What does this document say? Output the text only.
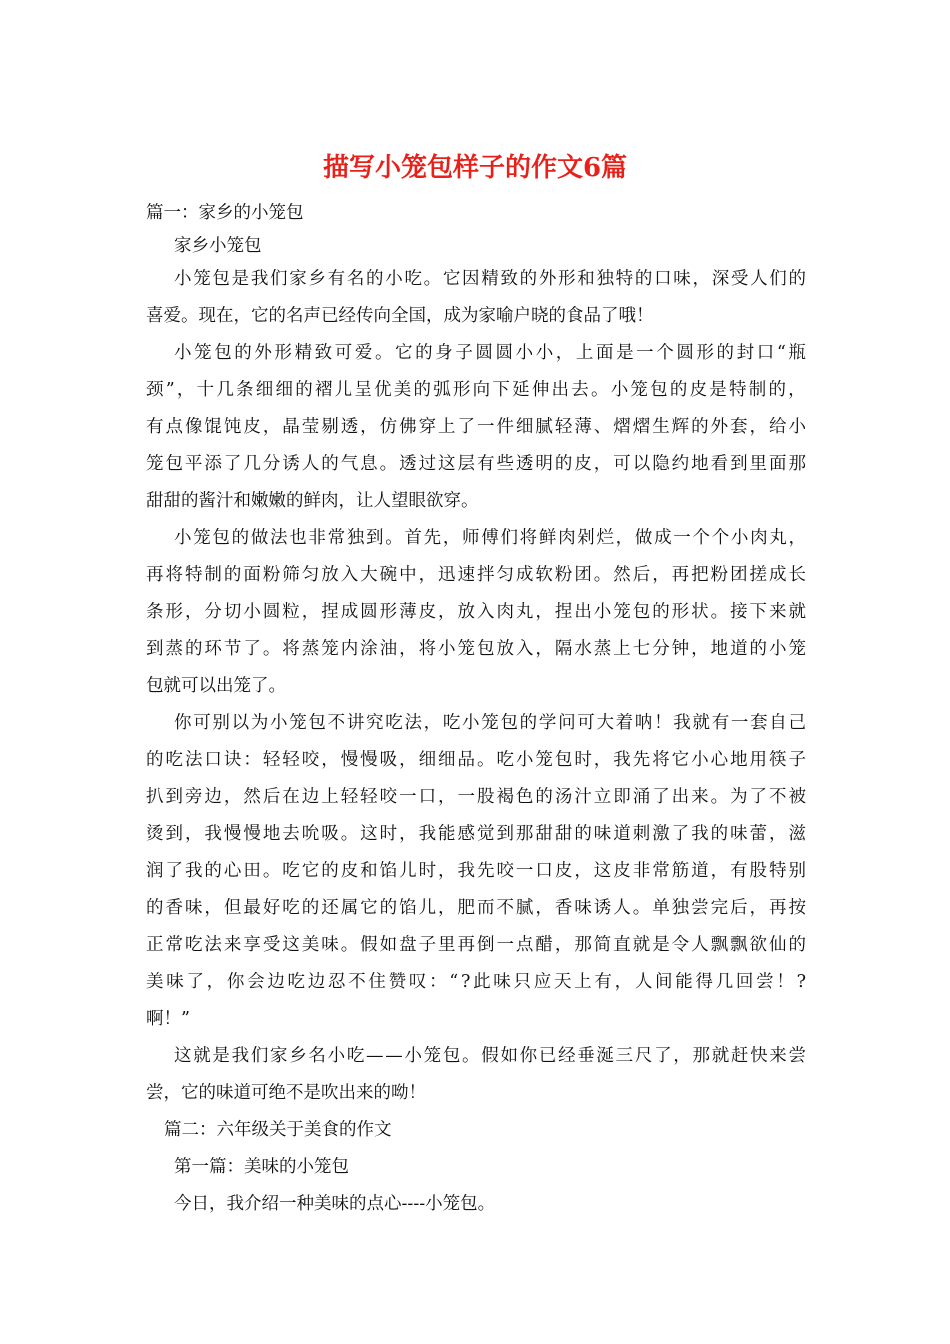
描写小笼包样子的作文6篇
篇一：家乡的小笼包
家乡小笼包
小 笼 包 是 我 们 家 乡 有 名 的 小 吃 。 它 因 精 致 的 外 形 和 独 特 的 口 味 ， 深 受 人 们 的
喜爱。现在，它的名声已经传向全国，成为家喻户晓的食品了哦！
小 笼 包 的 外 形 精 致 可 爱 。 它 的 身 子 圆 圆 小 小 ， 上 面 是 一 个 圆 形 的 封 口 “ 瓶
颈 ” ， 十 几 条 细 细 的 褶 儿 呈 优 美 的 弧 形 向 下 延 伸 出 去 。 小 笼 包 的 皮 是 特 制 的 ，
有 点 像 馄 饨 皮 ， 晶 莹 剔 透 ， 仿 佛 穿 上 了 一 件 细 腻 轻 薄 、 熠 熠 生 辉 的 外 套 ， 给 小
笼 包 平 添 了 几 分 诱 人 的 气 息 。 透 过 这 层 有 些 透 明 的 皮 ， 可 以 隐 约 地 看 到 里 面 那
甜甜的酱汁和嫩嫩的鲜肉，让人望眼欲穿。
小 笼 包 的 做 法 也 非 常 独 到 。 首 先 ， 师 傅 们 将 鲜 肉 剁 烂 ， 做 成 一 个 个 小 肉 丸 ，
再 将 特 制 的 面 粉 筛 匀 放 入 大 碗 中 ， 迅 速 拌 匀 成 软 粉 团 。 然 后 ， 再 把 粉 团 搓 成 长
条 形 ， 分 切 小 圆 粒 ， 捏 成 圆 形 薄 皮 ， 放 入 肉 丸 ， 捏 出 小 笼 包 的 形 状 。 接 下 来 就
到 蒸 的 环 节 了 。 将 蒸 笼 内 涂 油 ， 将 小 笼 包 放 入 ， 隔 水 蒸 上 七 分 钟 ， 地 道 的 小 笼
包就可以出笼了。
你 可 别 以 为 小 笼 包 不 讲 究 吃 法 ， 吃 小 笼 包 的 学 问 可 大 着 呐 ！ 我 就 有 一 套 自 己
的 吃 法 口 诀 ： 轻 轻 咬 ， 慢 慢 吸 ， 细 细 品 。 吃 小 笼 包 时 ， 我 先 将 它 小 心 地 用 筷 子
扒 到 旁 边 ， 然 后 在 边 上 轻 轻 咬 一 口 ， 一 股 褐 色 的 汤 汁 立 即 涌 了 出 来 。 为 了 不 被
烫 到 ， 我 慢 慢 地 去 吮 吸 。 这 时 ， 我 能 感 觉 到 那 甜 甜 的 味 道 刺 激 了 我 的 味 蕾 ， 滋
润 了 我 的 心 田 。 吃 它 的 皮 和 馅 儿 时 ， 我 先 咬 一 口 皮 ， 这 皮 非 常 筋 道 ， 有 股 特 别
的 香 味 ， 但 最 好 吃 的 还 属 它 的 馅 儿 ， 肥 而 不 腻 ， 香 味 诱 人 。 单 独 尝 完 后 ， 再 按
正 常 吃 法 来 享 受 这 美 味 。 假 如 盘 子 里 再 倒 一 点 醋 ， 那 简 直 就 是 令 人 飘 飘 欲 仙 的
美 味 了 ， 你 会 边 吃 边 忍 不 住 赞 叹 ： “ ? 此 味 只 应 天 上 有 ， 人 间 能 得 几 回 尝 ！ ?
啊！”
这 就 是 我 们 家 乡 名 小 吃 — — 小 笼 包 。 假 如 你 已 经 垂 涎 三 尺 了 ， 那 就 赶 快 来 尝
尝，它的味道可绝不是吹出来的呦！
篇二：六年级关于美食的作文
第一篇：美味的小笼包
今日，我介绍一种美味的点心----小笼包。
